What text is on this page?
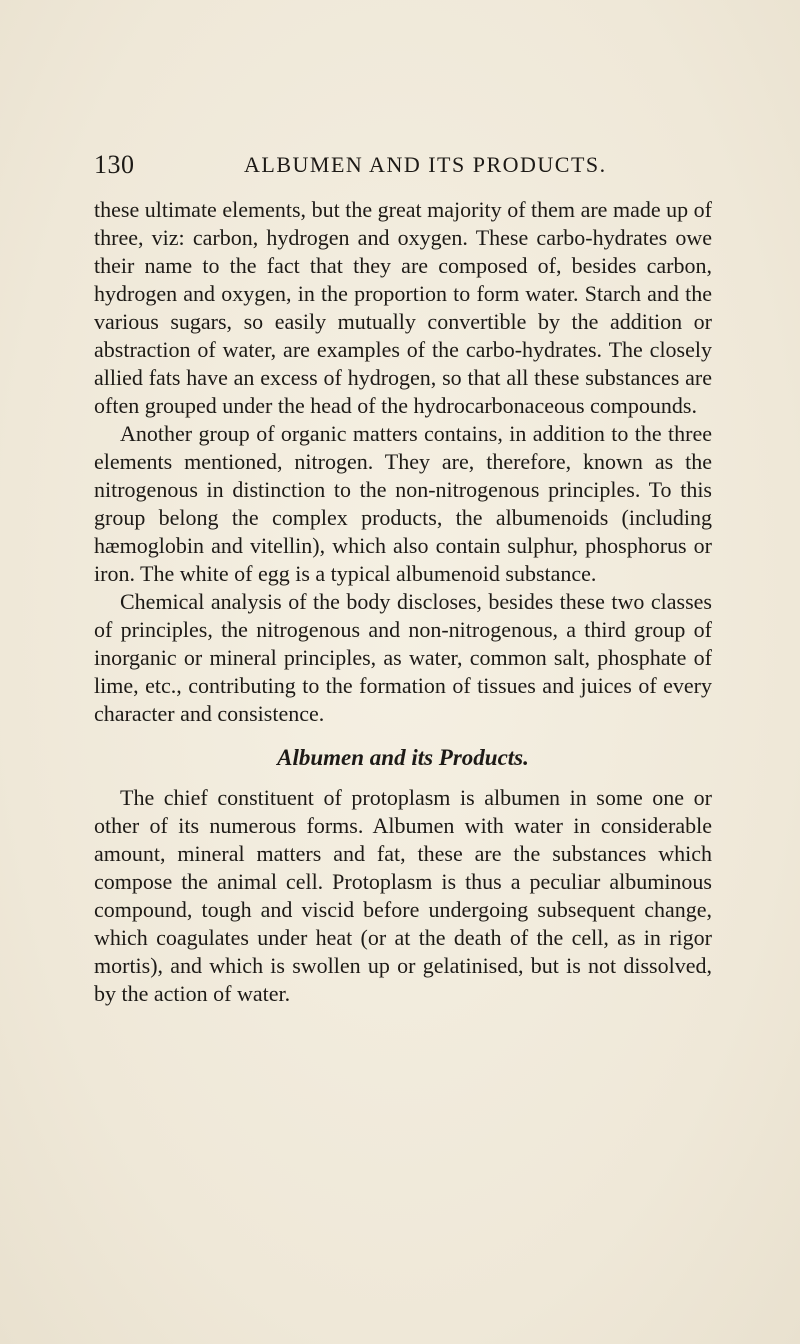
130	ALBUMEN AND ITS PRODUCTS.

these ultimate elements, but the great majority of them are made up of three, viz: carbon, hydrogen and oxygen. These carbo-hydrates owe their name to the fact that they are composed of, besides carbon, hydrogen and oxygen, in the proportion to form water. Starch and the various sugars, so easily mutually convertible by the addition or abstraction of water, are examples of the carbo-hydrates. The closely allied fats have an excess of hydrogen, so that all these substances are often grouped under the head of the hydrocarbonaceous compounds.

Another group of organic matters contains, in addition to the three elements mentioned, nitrogen. They are, therefore, known as the nitrogenous in distinction to the non-nitrogenous principles. To this group belong the complex products, the albumenoids (including hæmoglobin and vitellin), which also contain sulphur, phosphorus or iron. The white of egg is a typical albumenoid substance.

Chemical analysis of the body discloses, besides these two classes of principles, the nitrogenous and non-nitrogenous, a third group of inorganic or mineral principles, as water, common salt, phosphate of lime, etc., contributing to the formation of tissues and juices of every character and consistence.

Albumen and its Products.

The chief constituent of protoplasm is albumen in some one or other of its numerous forms. Albumen with water in considerable amount, mineral matters and fat, these are the substances which compose the animal cell. Protoplasm is thus a peculiar albuminous compound, tough and viscid before undergoing subsequent change, which coagulates under heat (or at the death of the cell, as in rigor mortis), and which is swollen up or gelatinised, but is not dissolved, by the action of water.
